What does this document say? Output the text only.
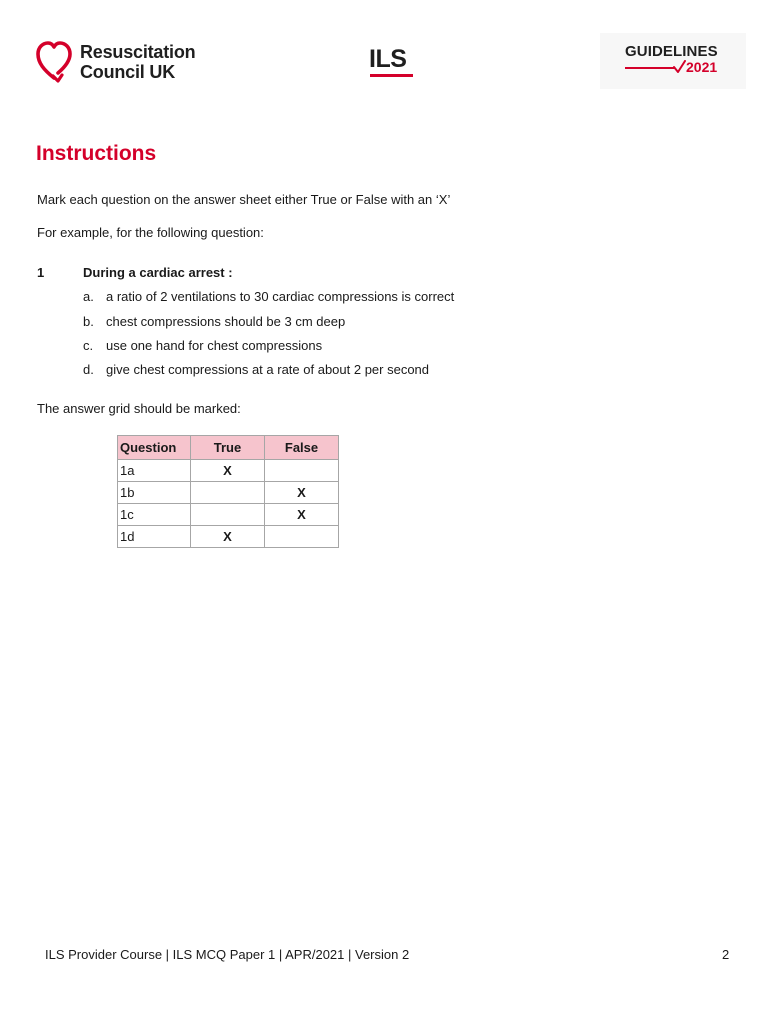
Resuscitation
Council UK	ILS	GUIDELINES
2021
Instructions
Mark each question on the answer sheet either True or False with an ‘X’
For example, for the following question:
1	During a cardiac arrest :
a. a ratio of 2 ventilations to 30 cardiac compressions is correct
b. chest compressions should be 3 cm deep
c. use one hand for chest compressions
d. give chest compressions at a rate of about 2 per second
The answer grid should be marked:
Question	True	False
1a	X	
1b		X
1c		X
1d	X	
ILS Provider Course | ILS MCQ Paper 1 | APR/2021 | Version 2	2
